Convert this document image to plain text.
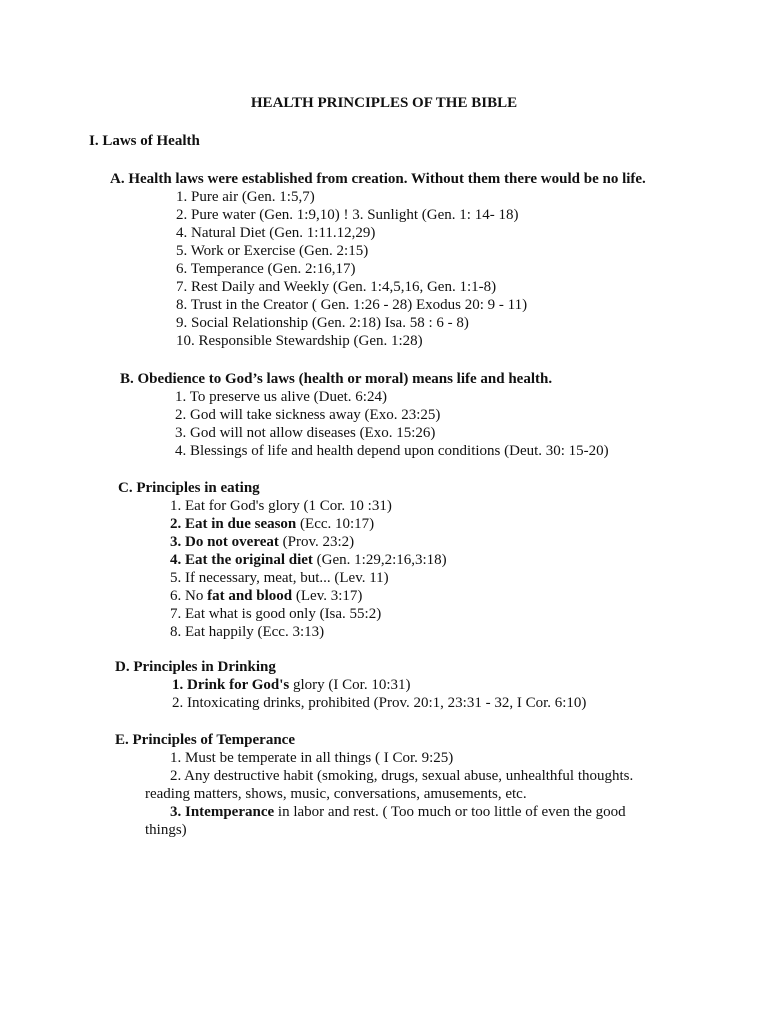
HEALTH PRINCIPLES OF THE BIBLE
I. Laws of Health
A. Health laws were established from creation. Without them there would be no life.
1. Pure air (Gen. 1:5,7)
2. Pure water (Gen. 1:9,10) ! 3. Sunlight (Gen. 1: 14- 18)
4. Natural Diet (Gen. 1:11.12,29)
5. Work or Exercise (Gen. 2:15)
6. Temperance (Gen. 2:16,17)
7. Rest Daily and Weekly (Gen. 1:4,5,16, Gen. 1:1-8)
8. Trust in the Creator ( Gen. 1:26 - 28) Exodus 20: 9 - 11)
9. Social Relationship (Gen. 2:18) Isa. 58 : 6 - 8)
10. Responsible Stewardship (Gen. 1:28)
B. Obedience to God’s laws (health or moral) means life and health.
1. To preserve us alive (Duet. 6:24)
2. God will take sickness away (Exo. 23:25)
3. God will not allow diseases (Exo. 15:26)
4. Blessings of life and health depend upon conditions (Deut. 30: 15-20)
C. Principles in eating
1. Eat for God's glory (1 Cor. 10 :31)
2. Eat in due season (Ecc. 10:17)
3. Do not overeat (Prov. 23:2)
4. Eat the original diet (Gen. 1:29,2:16,3:18)
5. If necessary, meat, but... (Lev. 11)
6. No fat and blood (Lev. 3:17)
7. Eat what is good only (Isa. 55:2)
8. Eat happily (Ecc. 3:13)
D. Principles in Drinking
1. Drink for God's glory (I Cor. 10:31)
2. Intoxicating drinks, prohibited (Prov. 20:1, 23:31 - 32, I Cor. 6:10)
E. Principles of Temperance
1. Must be temperate in all things ( I Cor. 9:25)
2. Any destructive habit (smoking, drugs, sexual abuse, unhealthful thoughts.
reading matters, shows, music, conversations, amusements, etc.
3. Intemperance in labor and rest. ( Too much or too little of even the good
things)
